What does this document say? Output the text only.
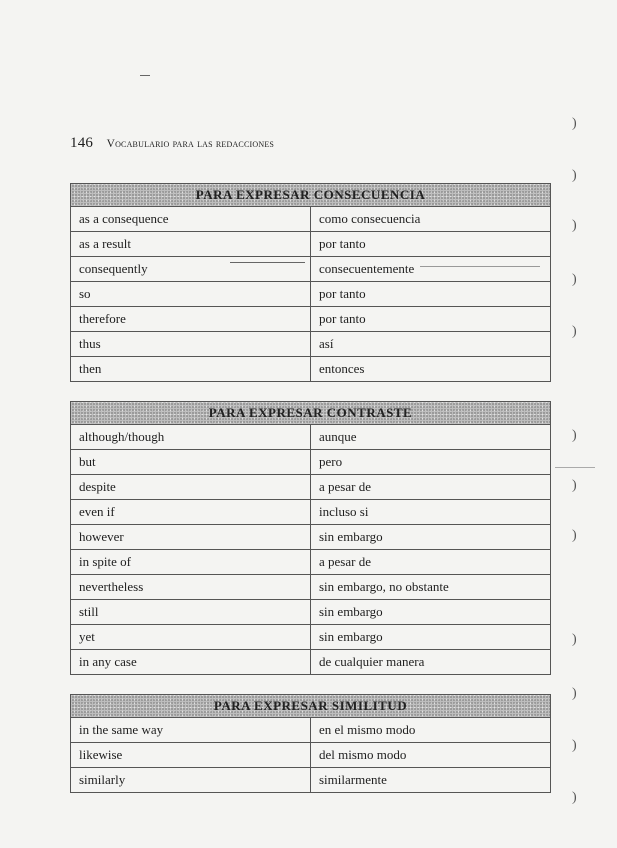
)
)
)
)
)
)
)
)
)
)
)
)
146 Vocabulario para las redacciones
PARA EXPRESAR CONSECUENCIA	
as a consequence	como consecuencia
as a result	por tanto
consequently	consecuentemente
so	por tanto
therefore	por tanto
thus	así
then	entonces
PARA EXPRESAR CONTRASTE	
although/though	aunque
but	pero
despite	a pesar de
even if	incluso si
however	sin embargo
in spite of	a pesar de
nevertheless	sin embargo, no obstante
still	sin embargo
yet	sin embargo
in any case	de cualquier manera
PARA EXPRESAR SIMILITUD	
in the same way	en el mismo modo
likewise	del mismo modo
similarly	similarmente
